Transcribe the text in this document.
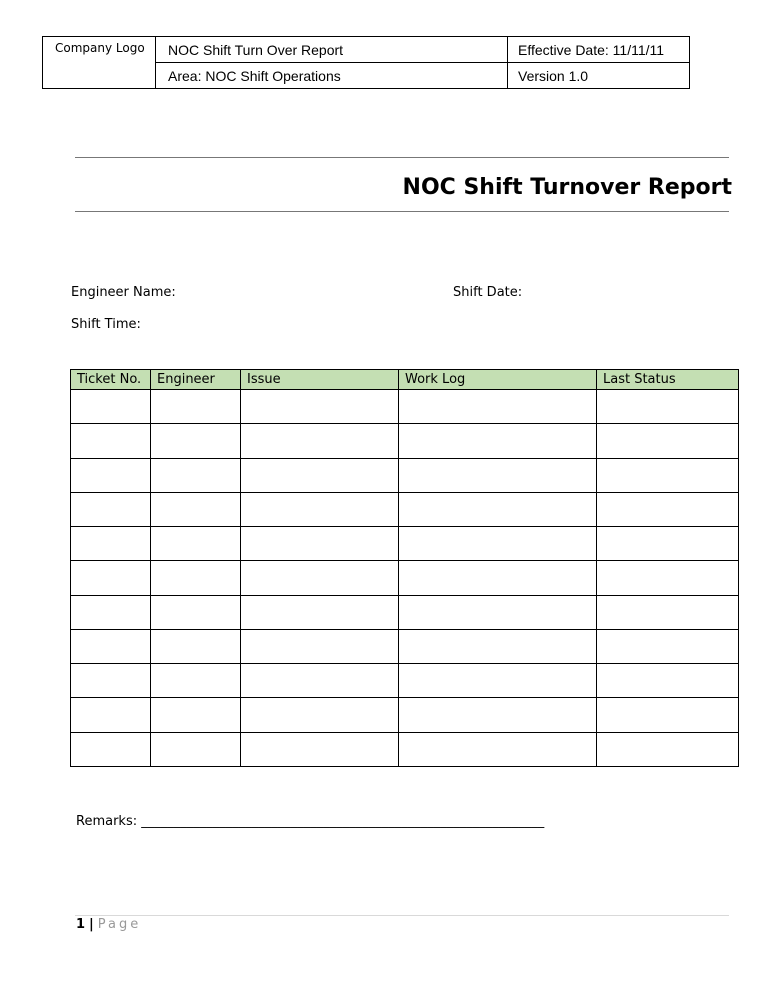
Company Logo	NOC Shift Turn Over Report	Effective Date: 11/11/11
	Area: NOC Shift Operations	Version 1.0
NOC Shift Turnover Report
Engineer Name:	Shift Date:
Shift Time:
Ticket No.	Engineer	Issue	Work Log	Last Status

Remarks: ______________________________________________________________
1 | Page
